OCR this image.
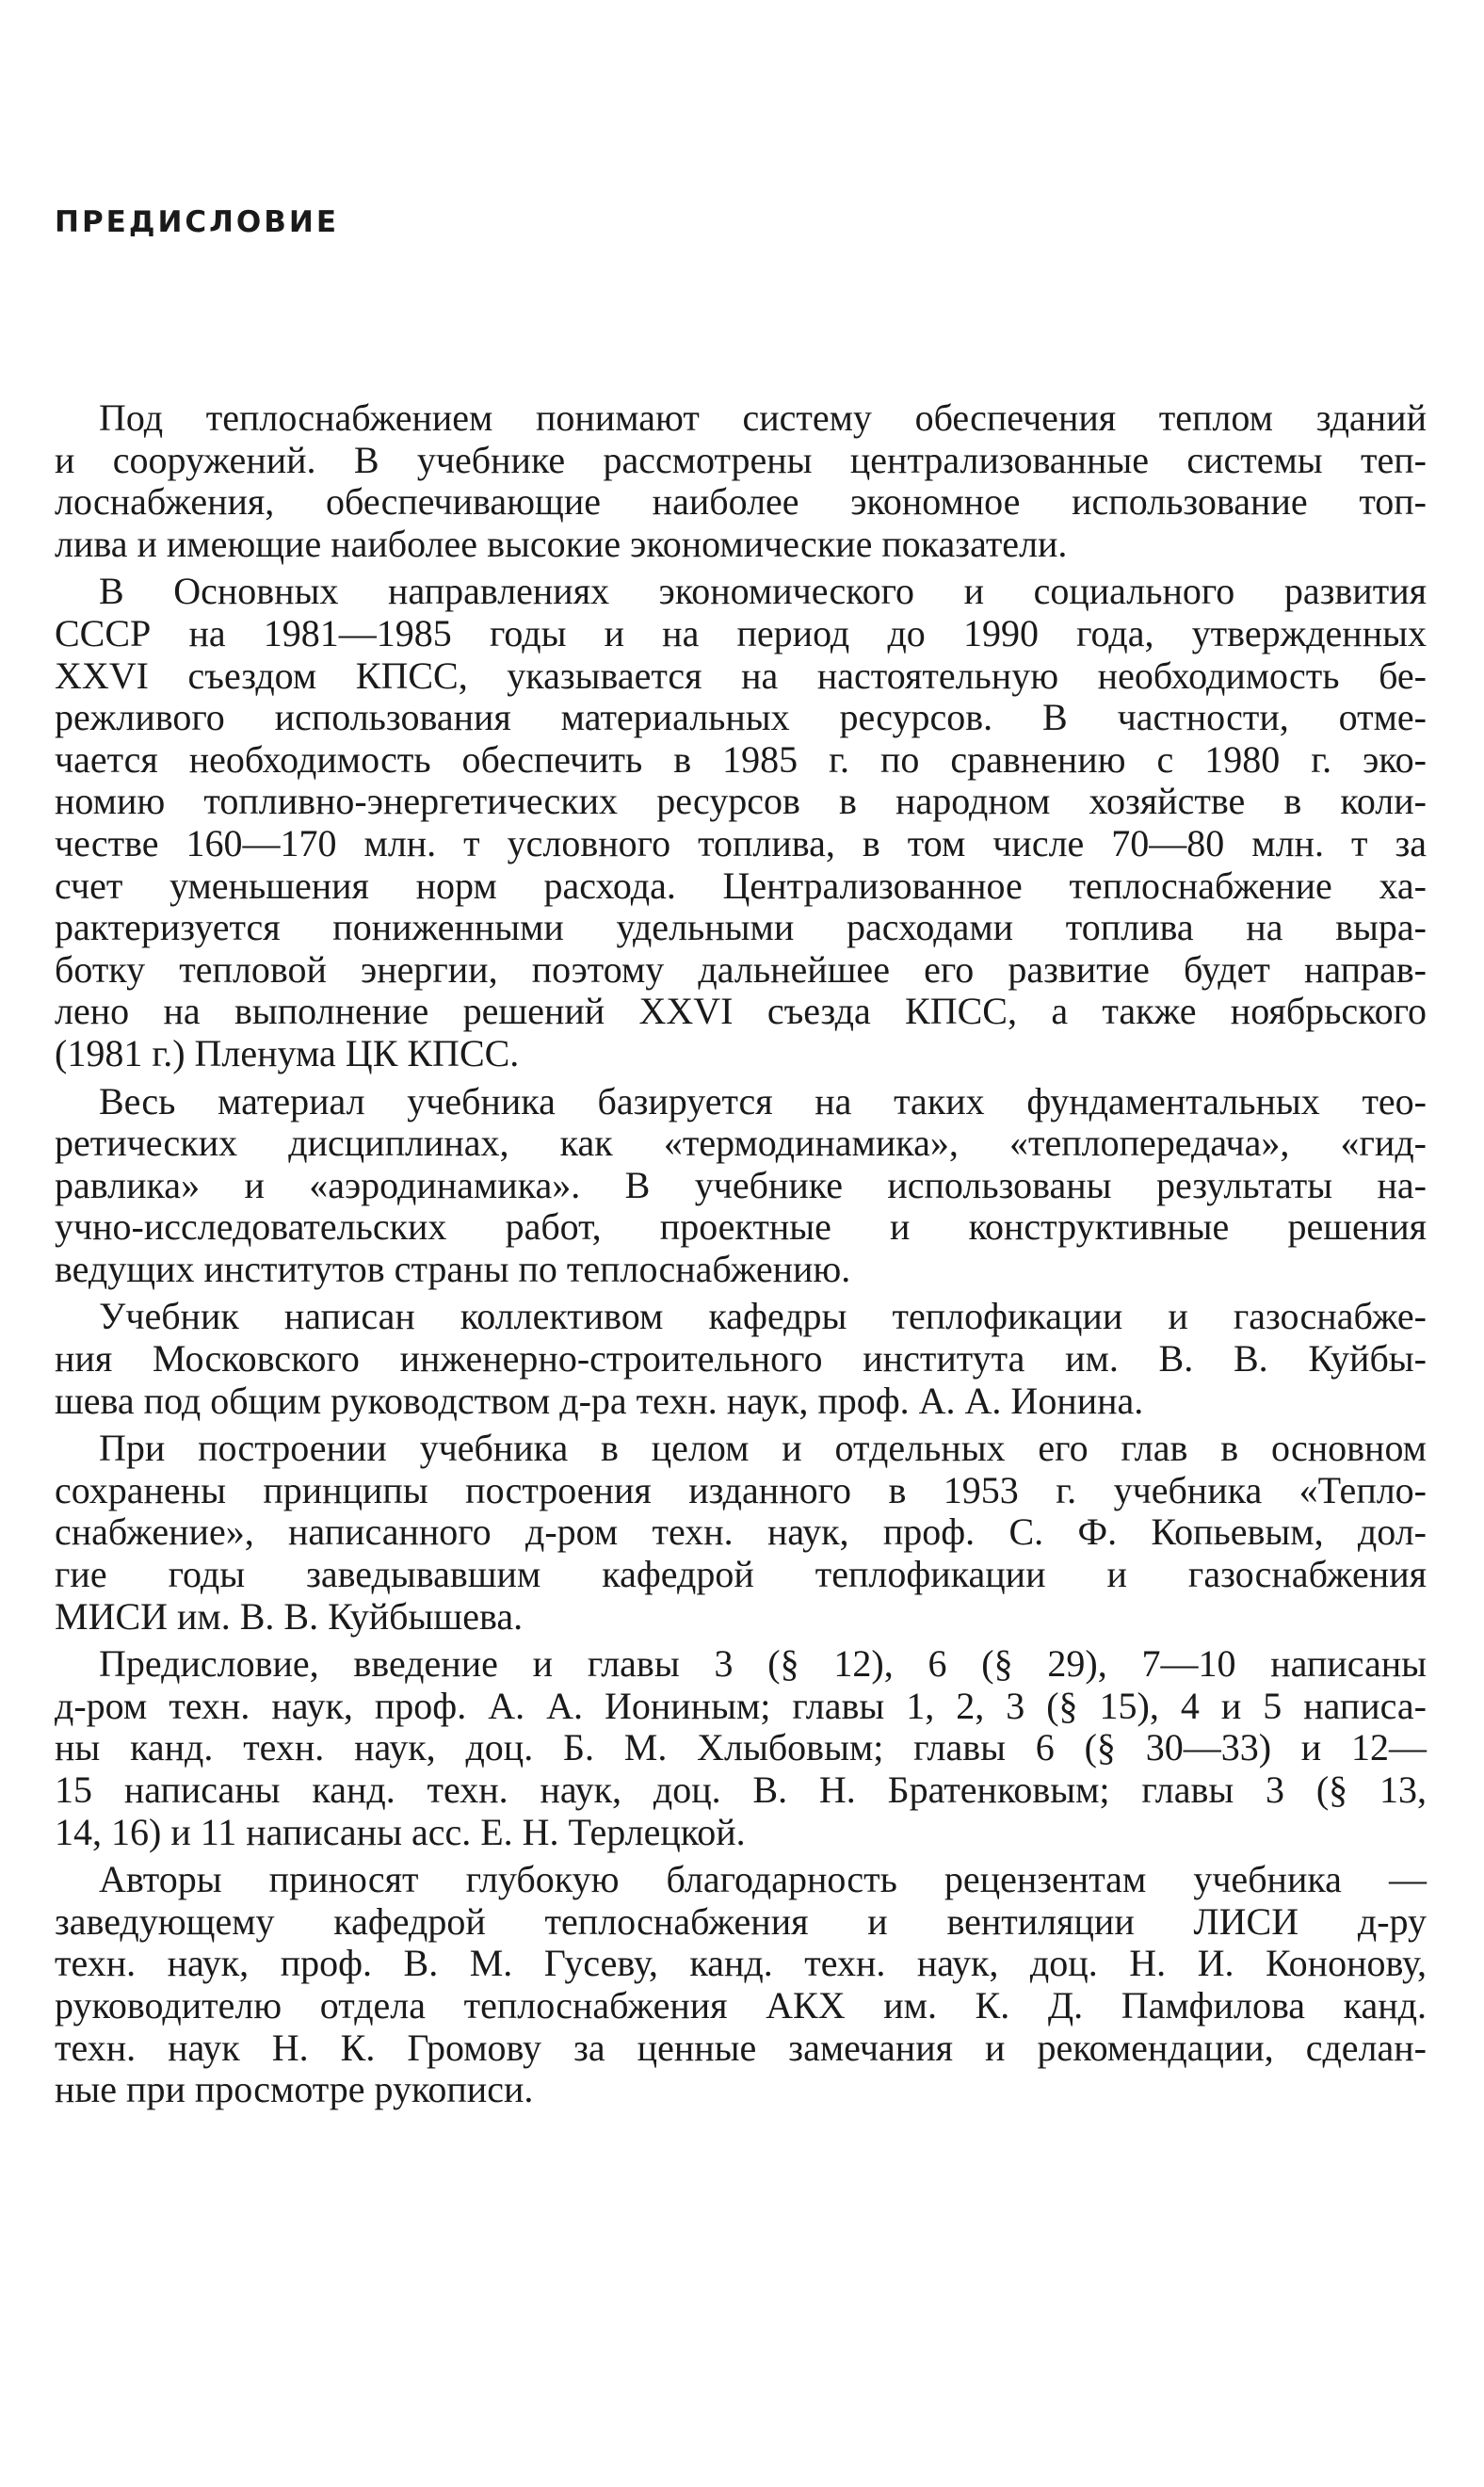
ПРЕДИСЛОВИЕ

Под теплоснабжением понимают систему обеспечения теплом зданий
и сооружений. В учебнике рассмотрены централизованные системы теп-
лоснабжения, обеспечивающие наиболее экономное использование топ-
лива и имеющие наиболее высокие экономические показатели.

В Основных направлениях экономического и социального развития
СССР на 1981—1985 годы и на период до 1990 года, утвержденных
XXVI съездом КПСС, указывается на настоятельную необходимость бе-
режливого использования материальных ресурсов. В частности, отме-
чается необходимость обеспечить в 1985 г. по сравнению с 1980 г. эко-
номию топливно-энергетических ресурсов в народном хозяйстве в коли-
честве 160—170 млн. т условного топлива, в том числе 70—80 млн. т за
счет уменьшения норм расхода. Централизованное теплоснабжение ха-
рактеризуется пониженными удельными расходами топлива на выра-
ботку тепловой энергии, поэтому дальнейшее его развитие будет направ-
лено на выполнение решений XXVI съезда КПСС, а также ноябрьского
(1981 г.) Пленума ЦК КПСС.

Весь материал учебника базируется на таких фундаментальных тео-
ретических дисциплинах, как «термодинамика», «теплопередача», «гид-
равлика» и «аэродинамика». В учебнике использованы результаты на-
учно-исследовательских работ, проектные и конструктивные решения
ведущих институтов страны по теплоснабжению.

Учебник написан коллективом кафедры теплофикации и газоснабже-
ния Московского инженерно-строительного института им. В. В. Куйбы-
шева под общим руководством д-ра техн. наук, проф. А. А. Ионина.

При построении учебника в целом и отдельных его глав в основном
сохранены принципы построения изданного в 1953 г. учебника «Тепло-
снабжение», написанного д-ром техн. наук, проф. С. Ф. Копьевым, дол-
гие годы заведывавшим кафедрой теплофикации и газоснабжения
МИСИ им. В. В. Куйбышева.

Предисловие, введение и главы 3 (§ 12), 6 (§ 29), 7—10 написаны
д-ром техн. наук, проф. А. А. Иониным; главы 1, 2, 3 (§ 15), 4 и 5 написа-
ны канд. техн. наук, доц. Б. М. Хлыбовым; главы 6 (§ 30—33) и 12—
15 написаны канд. техн. наук, доц. В. Н. Братенковым; главы 3 (§ 13,
14, 16) и 11 написаны асс. Е. Н. Терлецкой.

Авторы приносят глубокую благодарность рецензентам учебника —
заведующему кафедрой теплоснабжения и вентиляции ЛИСИ д-ру
техн. наук, проф. В. М. Гусеву, канд. техн. наук, доц. Н. И. Кононову,
руководителю отдела теплоснабжения АКХ им. К. Д. Памфилова канд.
техн. наук Н. К. Громову за ценные замечания и рекомендации, сделан-
ные при просмотре рукописи.
